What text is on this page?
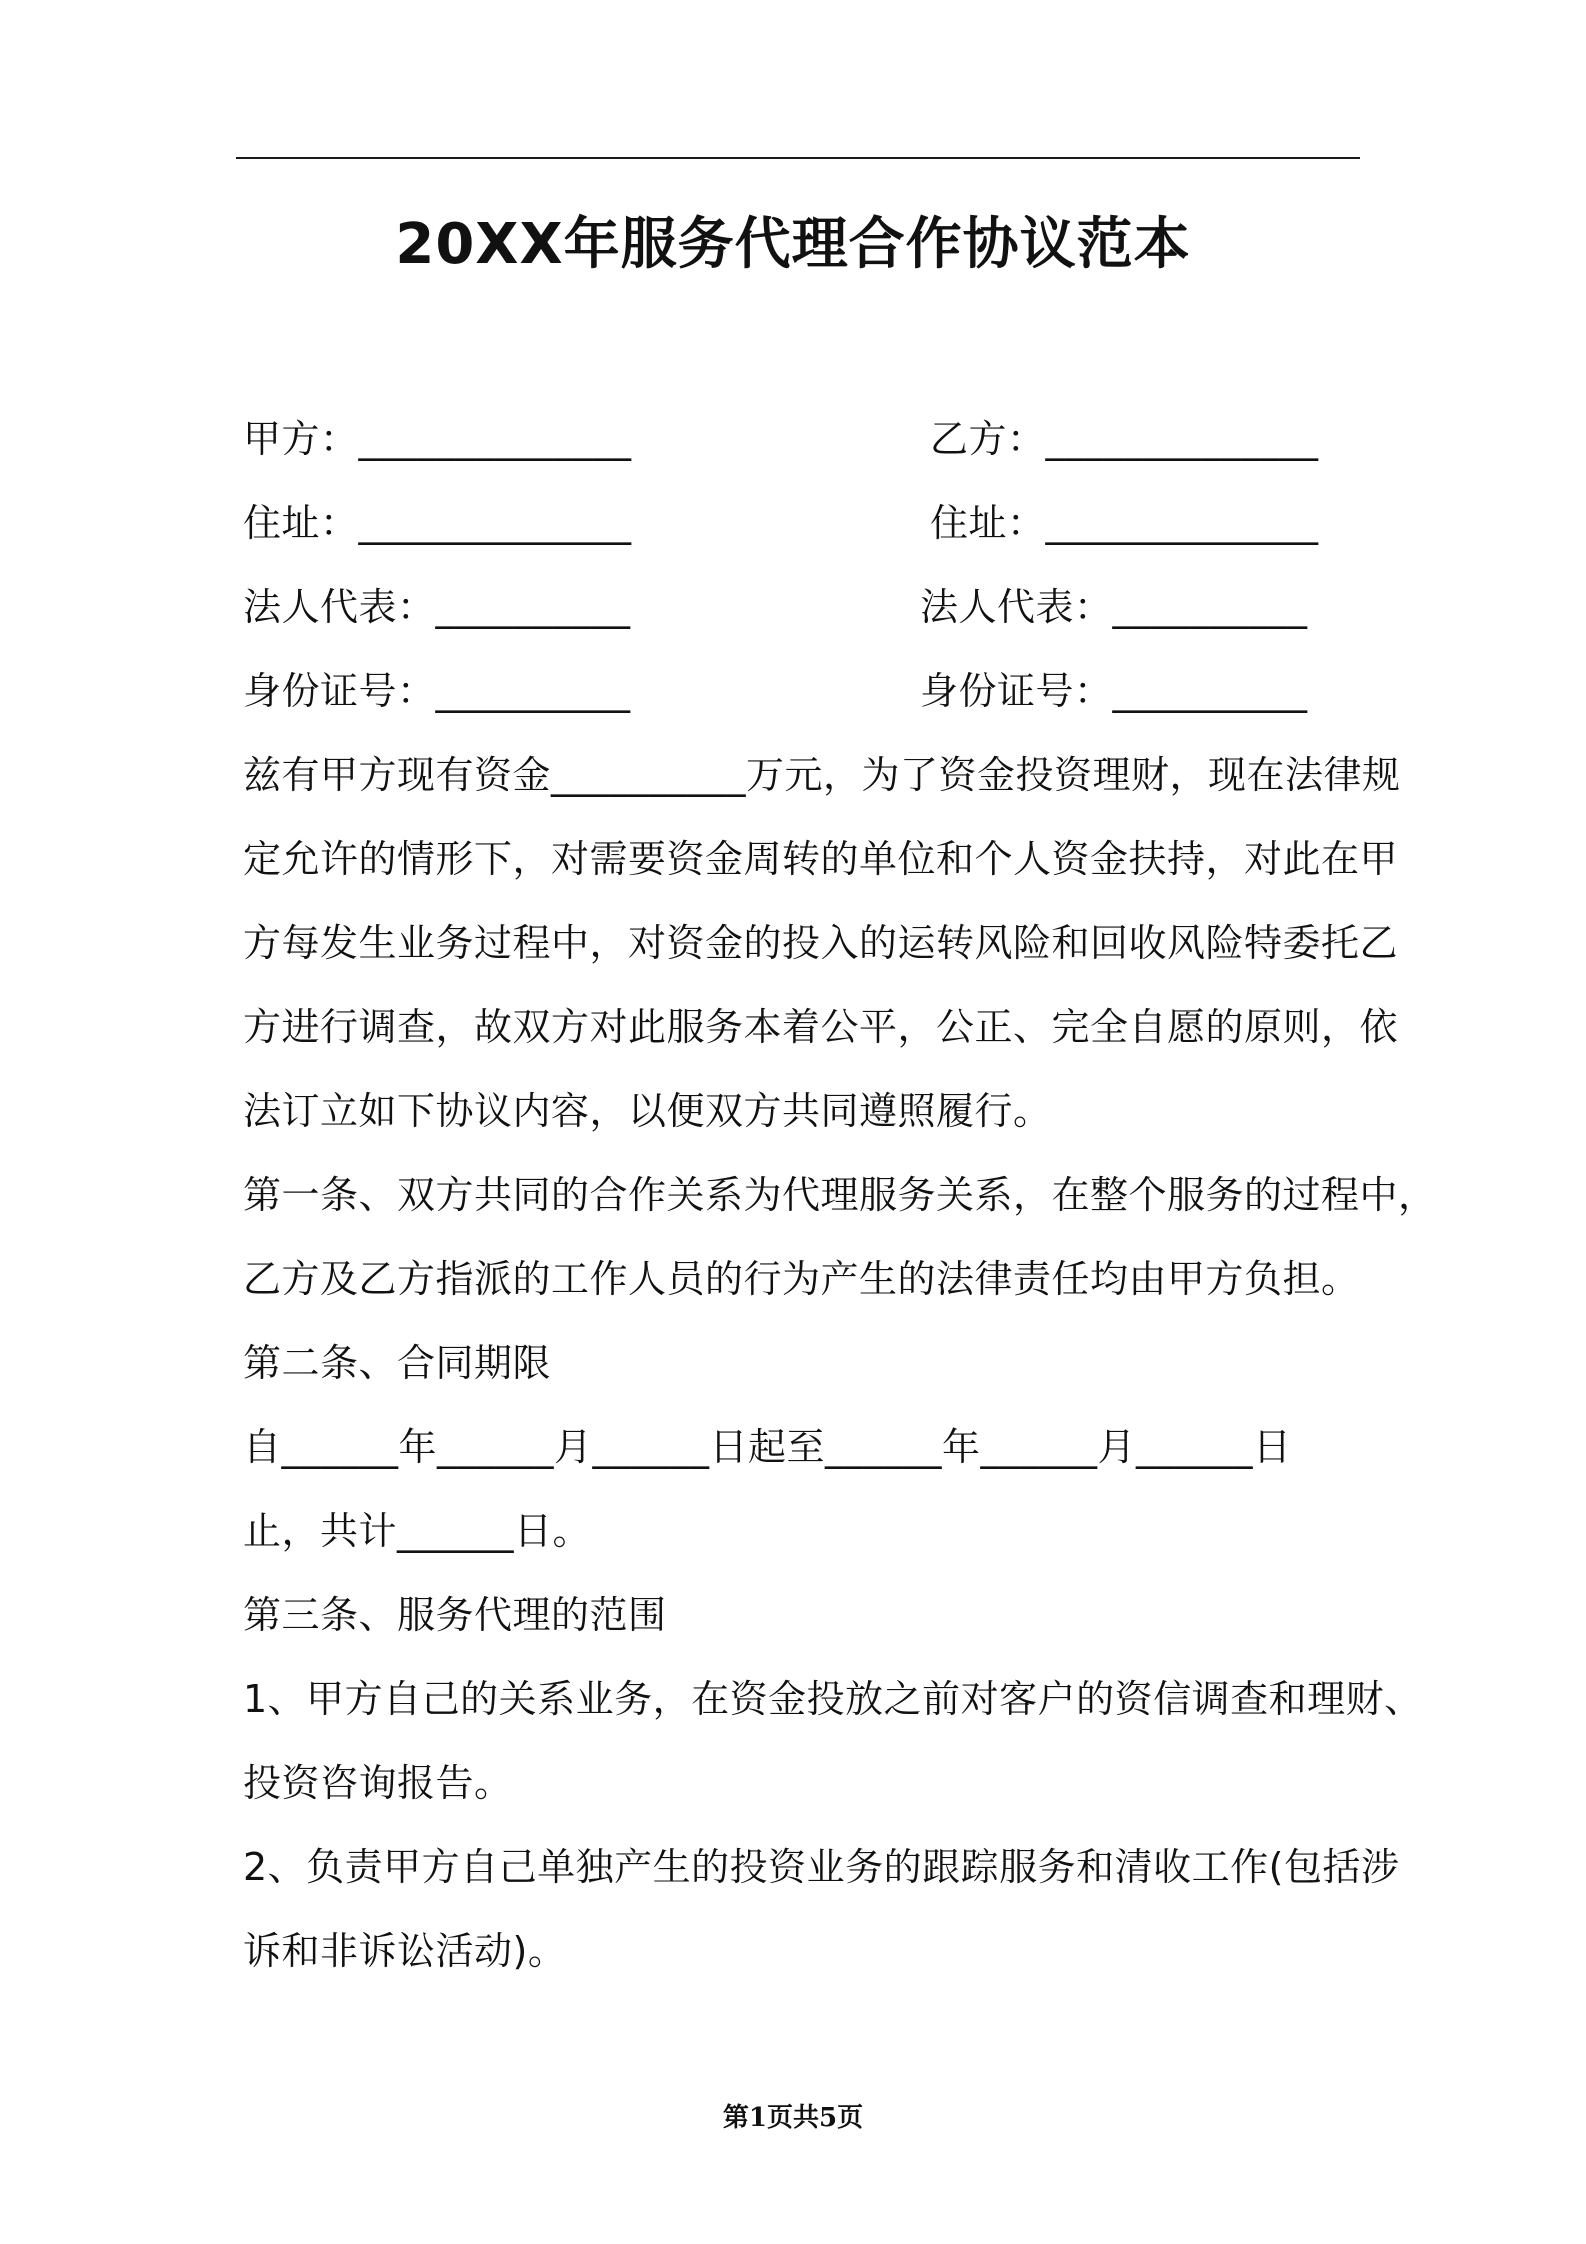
20XX年服务代理合作协议范本
甲方：______________	乙方：______________
住址：______________	住址：______________
法人代表：__________	法人代表：__________
身份证号：__________	身份证号：__________
兹有甲方现有资金__________万元，为了资金投资理财，现在法律规
定允许的情形下，对需要资金周转的单位和个人资金扶持，对此在甲
方每发生业务过程中，对资金的投入的运转风险和回收风险特委托乙
方进行调查，故双方对此服务本着公平，公正、完全自愿的原则，依
法订立如下协议内容，以便双方共同遵照履行。
第一条、双方共同的合作关系为代理服务关系，在整个服务的过程中，
乙方及乙方指派的工作人员的行为产生的法律责任均由甲方负担。
第二条、合同期限
自______年______月______日起至______年______月______日
止，共计______日。
第三条、服务代理的范围
1、甲方自己的关系业务，在资金投放之前对客户的资信调查和理财、
投资咨询报告。
2、负责甲方自己单独产生的投资业务的跟踪服务和清收工作(包括涉
诉和非诉讼活动)。
第1页共5页
